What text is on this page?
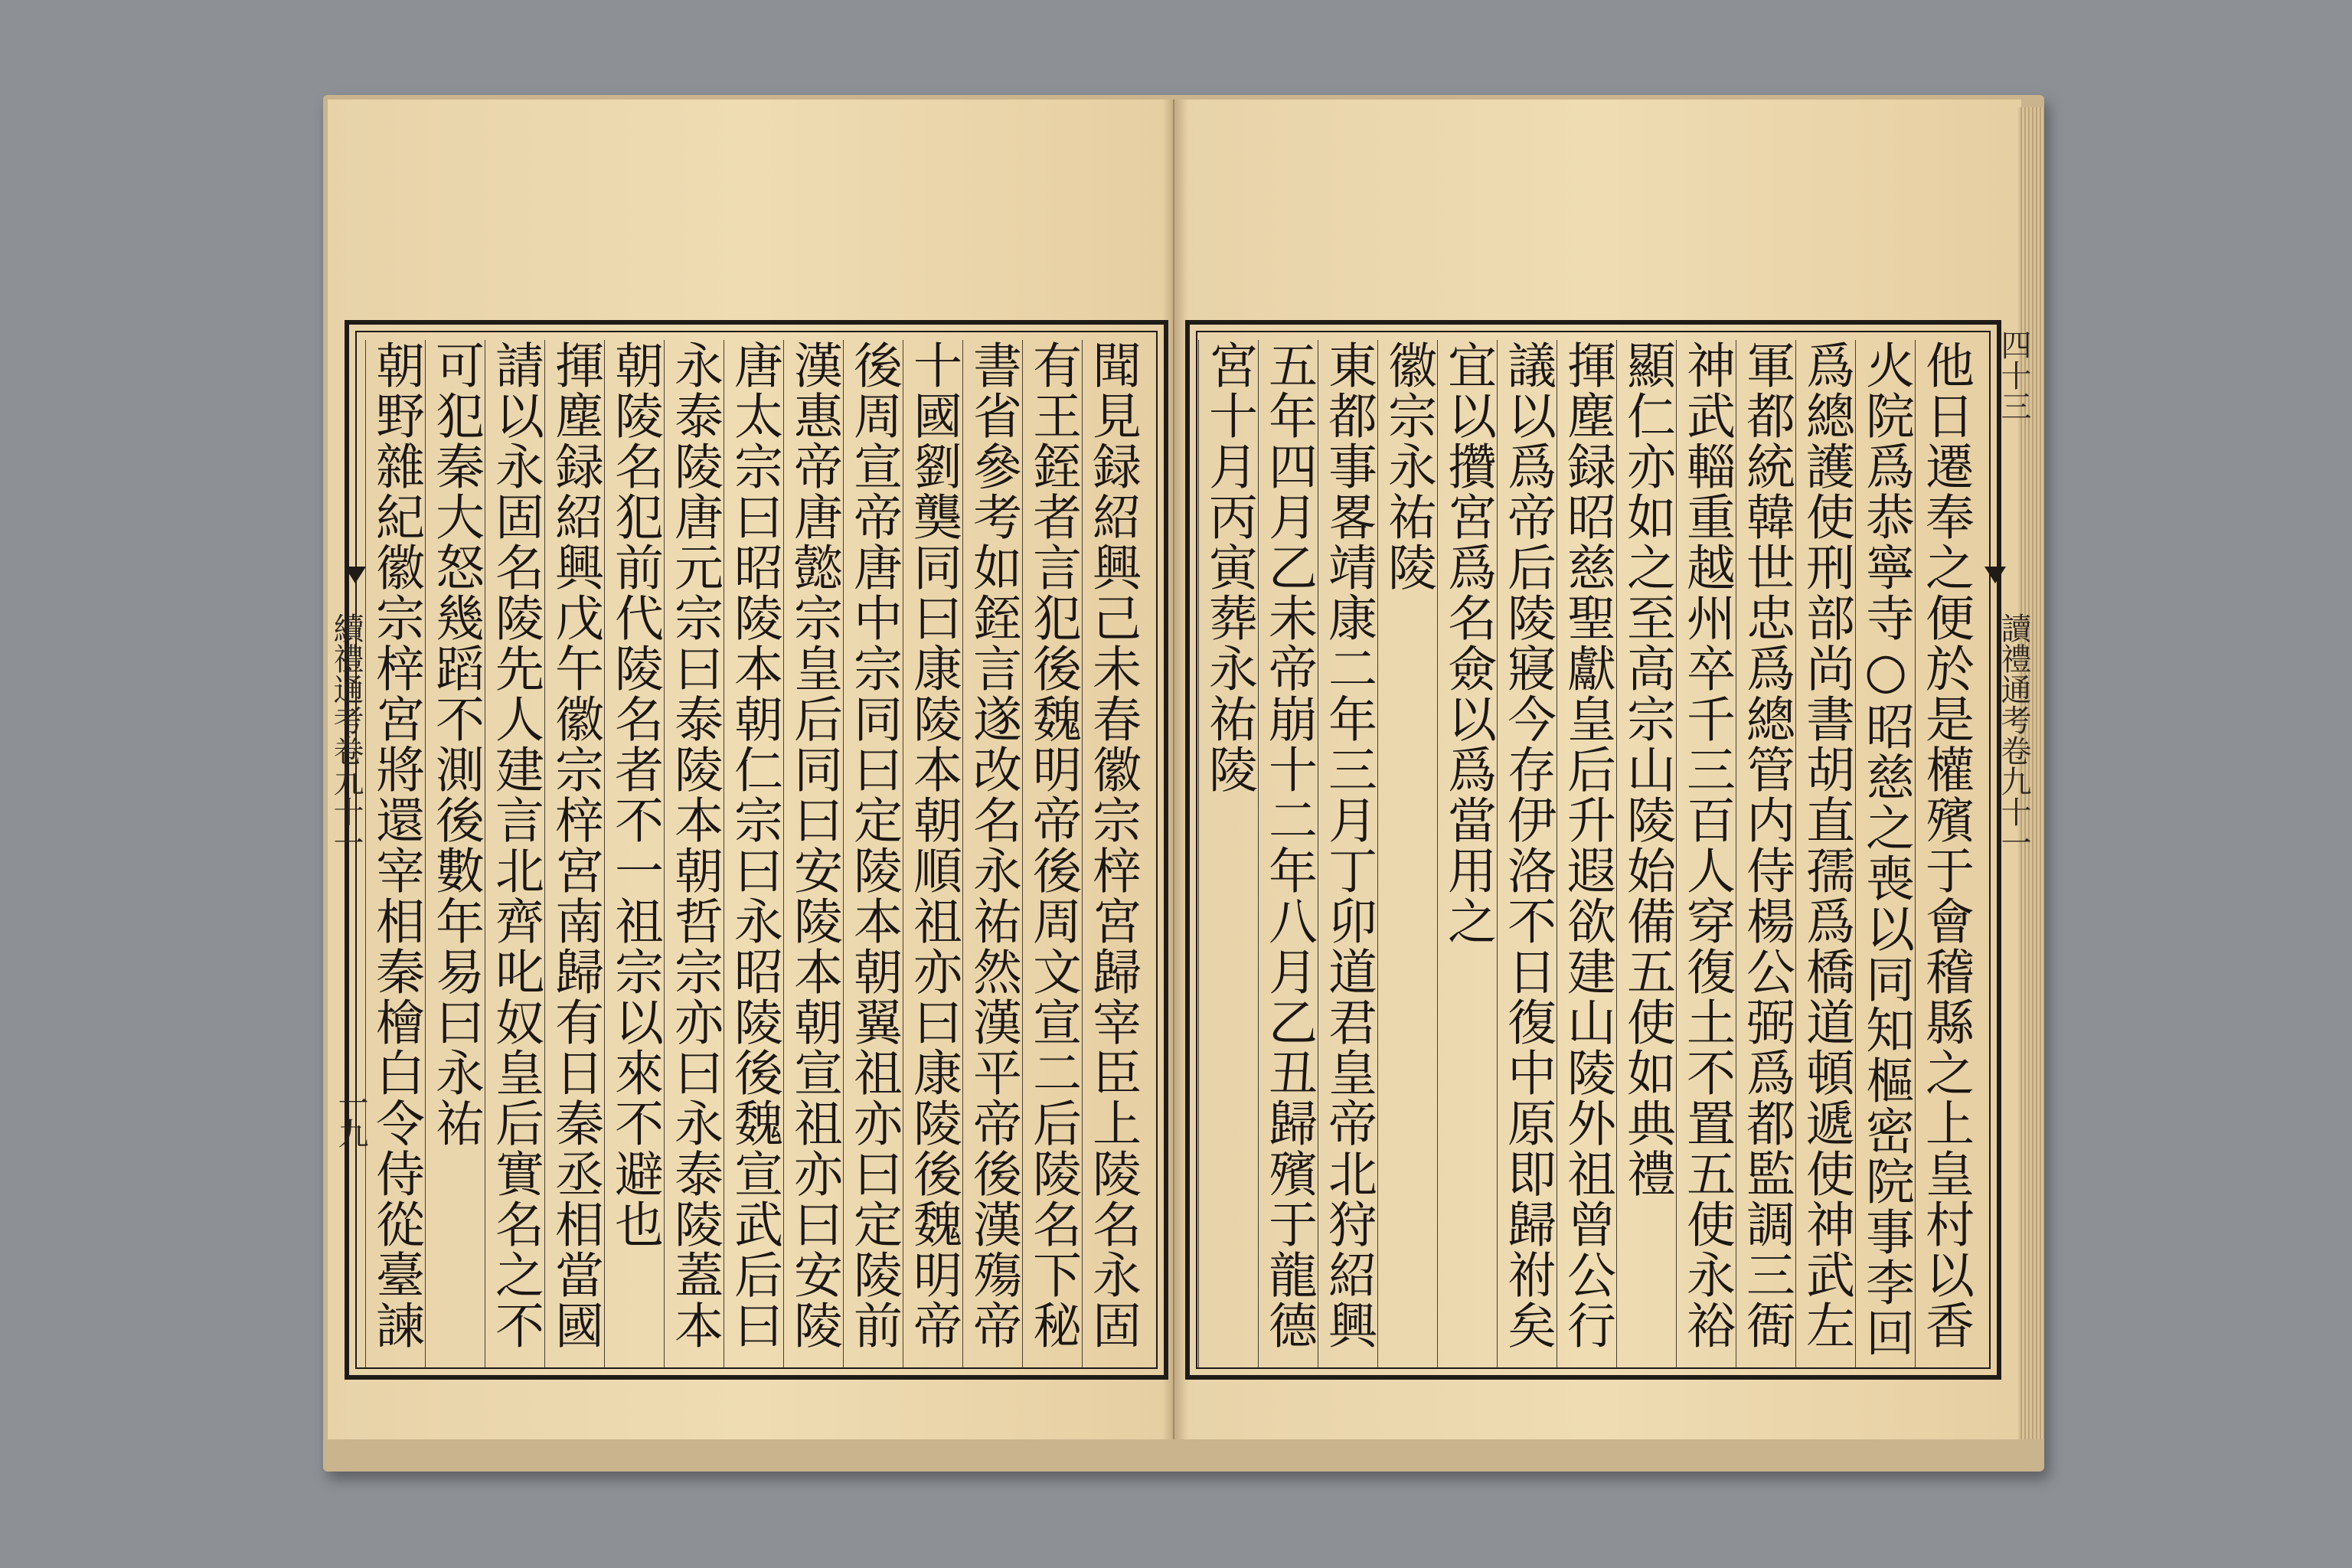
聞見録紹興己未春徽宗梓宮歸宰臣上陵名永固
有王銍者言犯後魏明帝後周文宣二后陵名下秘
書省參考如銍言遂改名永祐然漢平帝後漢殤帝
十國劉龑同曰康陵本朝順祖亦曰康陵後魏明帝
後周宣帝唐中宗同曰定陵本朝翼祖亦曰定陵前
漢惠帝唐懿宗皇后同曰安陵本朝宣祖亦曰安陵
唐太宗曰昭陵本朝仁宗曰永昭陵後魏宣武后曰
永泰陵唐元宗曰泰陵本朝哲宗亦曰永泰陵蓋本
朝陵名犯前代陵名者不一祖宗以來不避也
揮塵録紹興戊午徽宗梓宮南歸有日秦丞相當國
請以永固名陵先人建言北齊叱奴皇后實名之不
可犯秦大怒幾蹈不測後數年易曰永祐
朝野雜紀徽宗梓宮將還宰相秦檜白令侍從臺諫
續禮通考卷九十一
一九	他日遷奉之便於是權殯于會稽縣之上皇村以香
火院爲恭寧寺○昭慈之喪以同知樞密院事李回
爲總護使刑部尚書胡直孺爲橋道頓遞使神武左
軍都統韓世忠爲總管内侍楊公弼爲都監調三衙
神武輜重越州卒千三百人穿復土不置五使永裕
顯仁亦如之至高宗山陵始備五使如典禮
揮塵録昭慈聖獻皇后升遐欲建山陵外祖曾公行
議以爲帝后陵寢今存伊洛不日復中原即歸祔矣
宜以攢宮爲名僉以爲當用之
徽宗永祐陵
東都事畧靖康二年三月丁卯道君皇帝北狩紹興
五年四月乙未帝崩十二年八月乙丑歸殯于龍德
宮十月丙寅葬永祐陵	讀禮通考卷九十一
四十三
